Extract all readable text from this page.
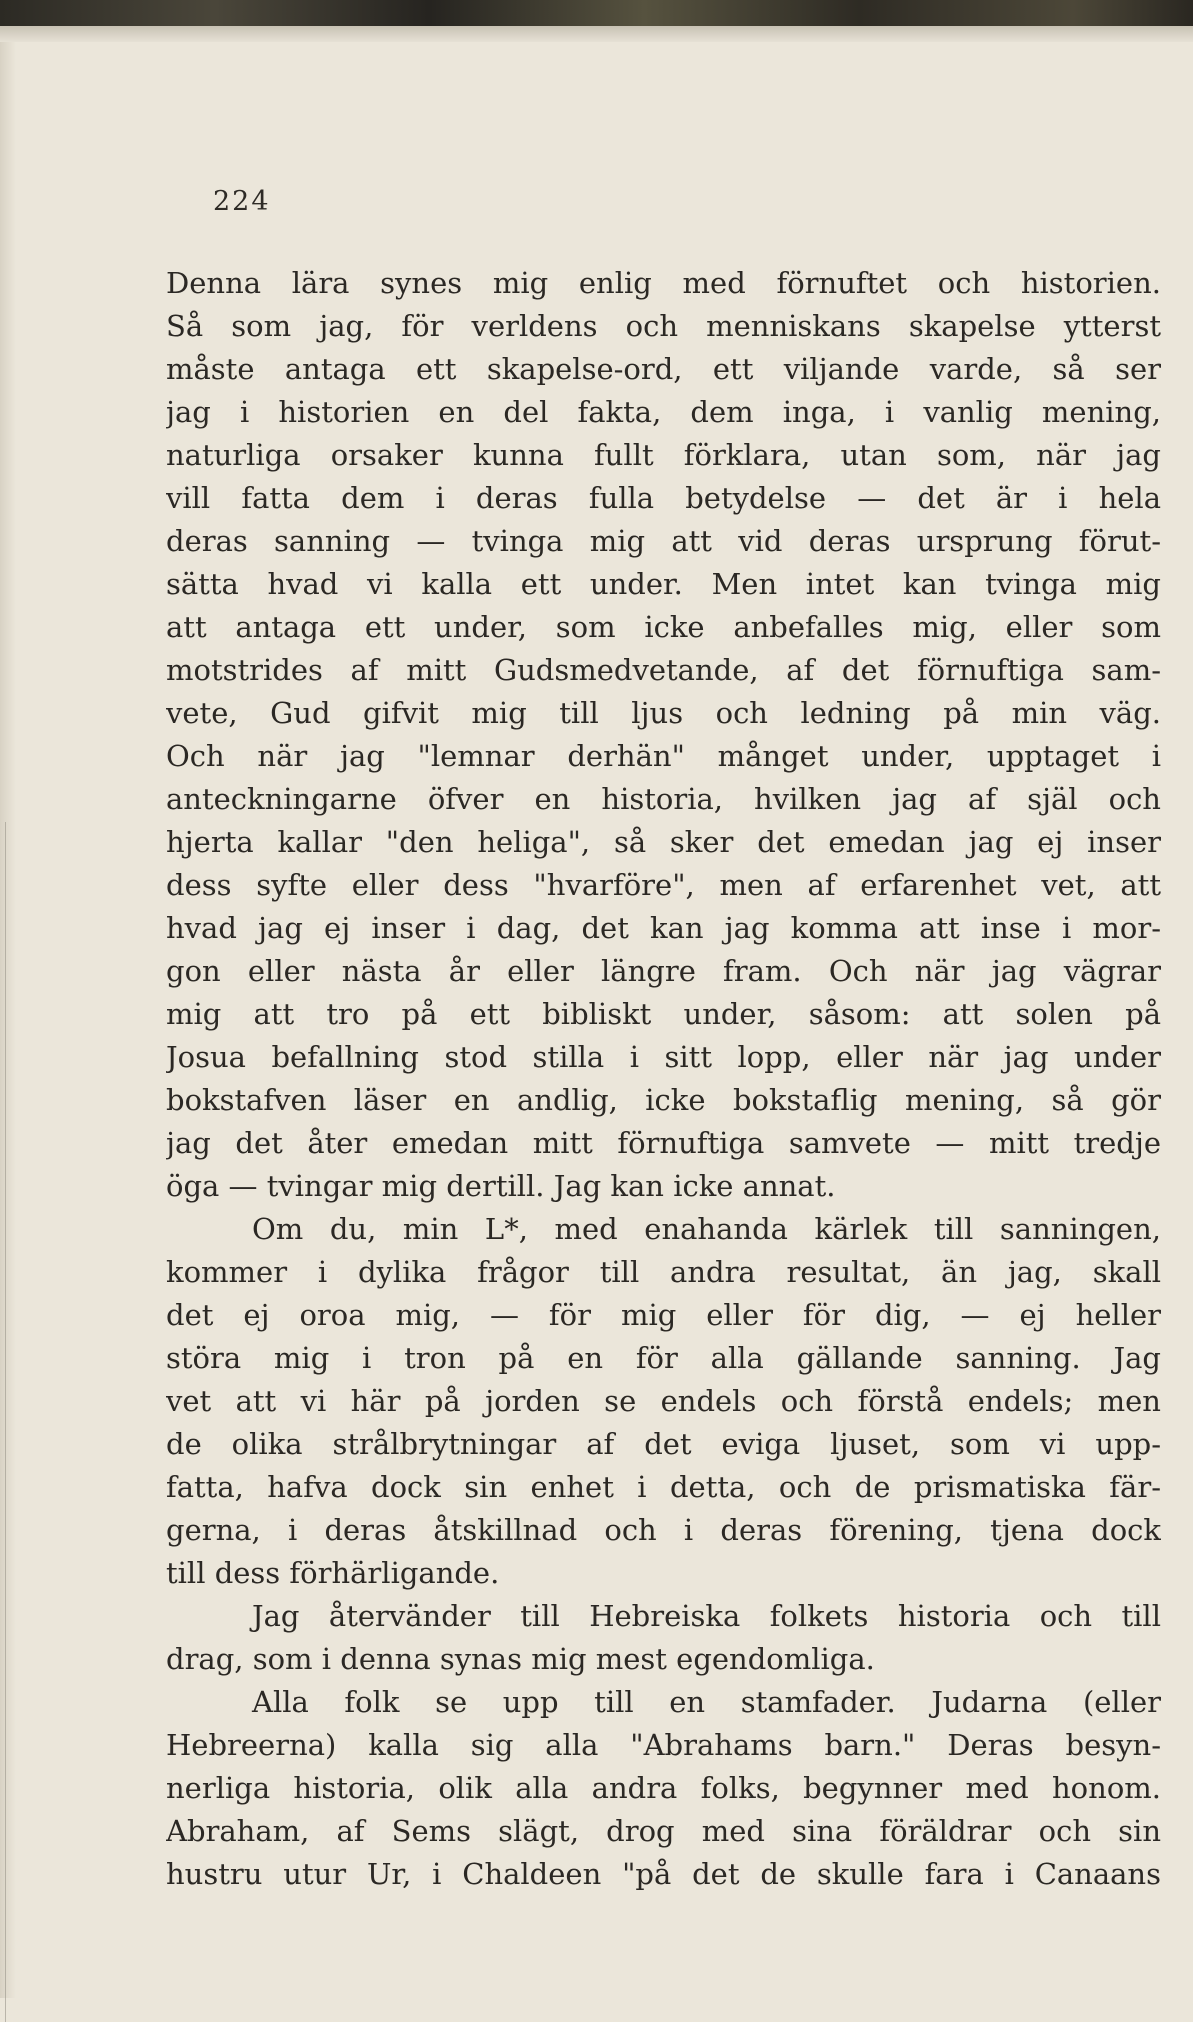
224
Denna lära synes mig enlig med förnuftet och historien.
Så som jag, för verldens och menniskans skapelse ytterst
måste antaga ett skapelse-ord, ett viljande varde, så ser
jag i historien en del fakta, dem inga, i vanlig mening,
naturliga orsaker kunna fullt förklara, utan som, när jag
vill fatta dem i deras fulla betydelse — det är i hela
deras sanning — tvinga mig att vid deras ursprung förut-
sätta hvad vi kalla ett under. Men intet kan tvinga mig
att antaga ett under, som icke anbefalles mig, eller som
motstrides af mitt Gudsmedvetande, af det förnuftiga sam-
vete, Gud gifvit mig till ljus och ledning på min väg.
Och när jag "lemnar derhän" månget under, upptaget i
anteckningarne öfver en historia, hvilken jag af själ och
hjerta kallar "den heliga", så sker det emedan jag ej inser
dess syfte eller dess "hvarföre", men af erfarenhet vet, att
hvad jag ej inser i dag, det kan jag komma att inse i mor-
gon eller nästa år eller längre fram. Och när jag vägrar
mig att tro på ett bibliskt under, såsom: att solen på
Josua befallning stod stilla i sitt lopp, eller när jag under
bokstafven läser en andlig, icke bokstaflig mening, så gör
jag det åter emedan mitt förnuftiga samvete — mitt tredje
öga — tvingar mig dertill. Jag kan icke annat.
Om du, min L*, med enahanda kärlek till sanningen,
kommer i dylika frågor till andra resultat, än jag, skall
det ej oroa mig, — för mig eller för dig, — ej heller
störa mig i tron på en för alla gällande sanning. Jag
vet att vi här på jorden se endels och förstå endels; men
de olika strålbrytningar af det eviga ljuset, som vi upp-
fatta, hafva dock sin enhet i detta, och de prismatiska fär-
gerna, i deras åtskillnad och i deras förening, tjena dock
till dess förhärligande.
Jag återvänder till Hebreiska folkets historia och till
drag, som i denna synas mig mest egendomliga.
Alla folk se upp till en stamfader. Judarna (eller
Hebreerna) kalla sig alla "Abrahams barn." Deras besyn-
nerliga historia, olik alla andra folks, begynner med honom.
Abraham, af Sems slägt, drog med sina föräldrar och sin
hustru utur Ur, i Chaldeen "på det de skulle fara i Canaans
